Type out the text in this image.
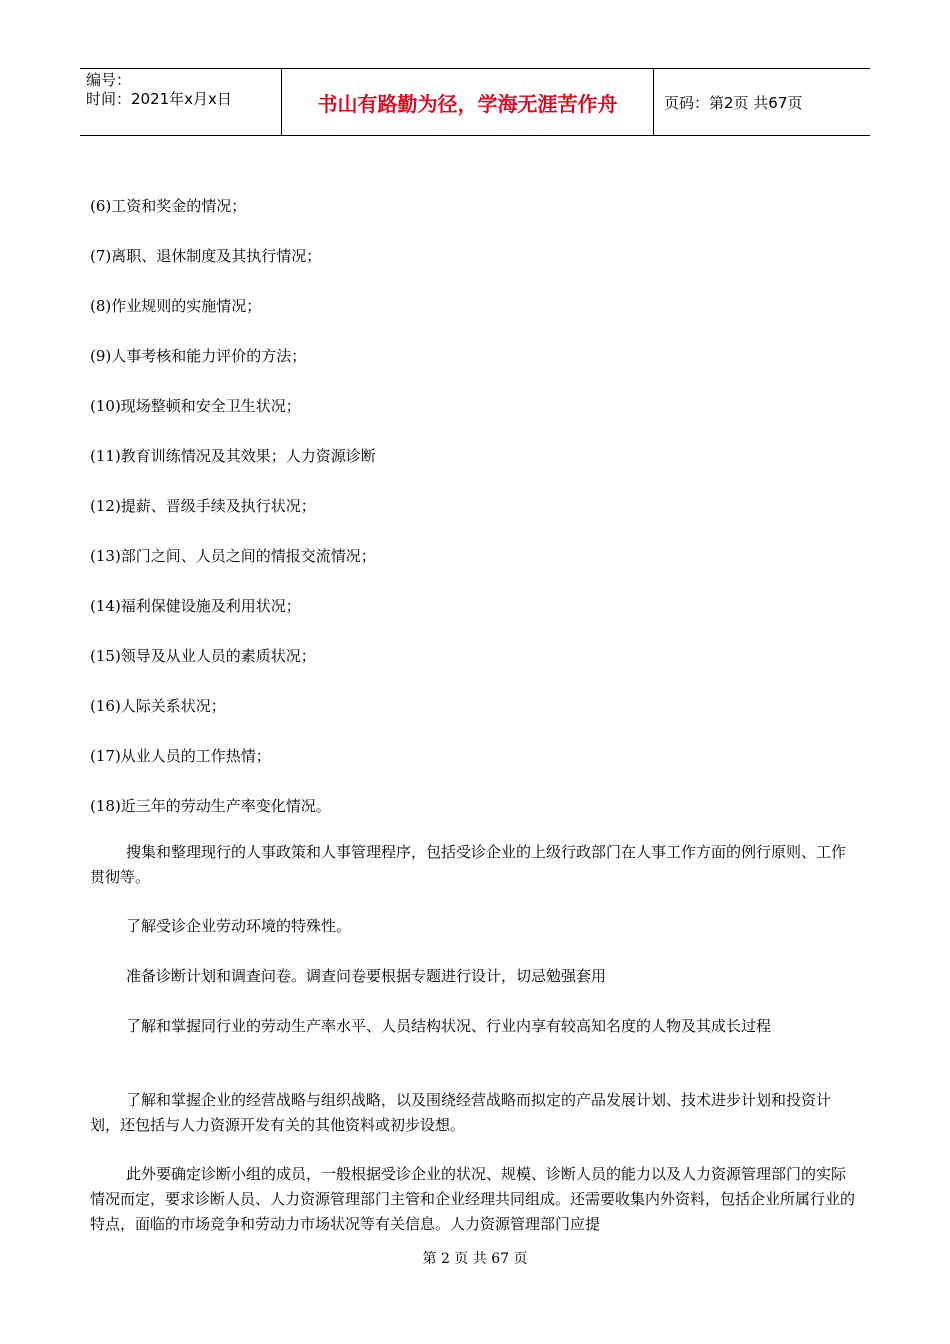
编号：
时间：2021年x月x日	书山有路勤为径，学海无涯苦作舟	页码：第2页 共67页
(6)工资和奖金的情况；
(7)离职、退休制度及其执行情况；
(8)作业规则的实施情况；
(9)人事考核和能力评价的方法；
(10)现场整顿和安全卫生状况；
(11)教育训练情况及其效果；人力资源诊断
(12)提薪、晋级手续及执行状况；
(13)部门之间、人员之间的情报交流情况；
(14)福利保健设施及利用状况；
(15)领导及从业人员的素质状况；
(16)人际关系状况；
(17)从业人员的工作热情；
(18)近三年的劳动生产率变化情况。
搜集和整理现行的人事政策和人事管理程序，包括受诊企业的上级行政部门在人事工作方面的例行原则、工作贯彻等。
了解受诊企业劳动环境的特殊性。
准备诊断计划和调查问卷。调查问卷要根据专题进行设计，切忌勉强套用
了解和掌握同行业的劳动生产率水平、人员结构状况、行业内享有较高知名度的人物及其成长过程
了解和掌握企业的经营战略与组织战略，以及围绕经营战略而拟定的产品发展计划、技术进步计划和投资计划，还包括与人力资源开发有关的其他资料或初步设想。
此外要确定诊断小组的成员，一般根据受诊企业的状况、规模、诊断人员的能力以及人力资源管理部门的实际情况而定，要求诊断人员、人力资源管理部门主管和企业经理共同组成。还需要收集内外资料，包括企业所属行业的特点，面临的市场竞争和劳动力市场状况等有关信息。人力资源管理部门应提
第 2 页 共 67 页
